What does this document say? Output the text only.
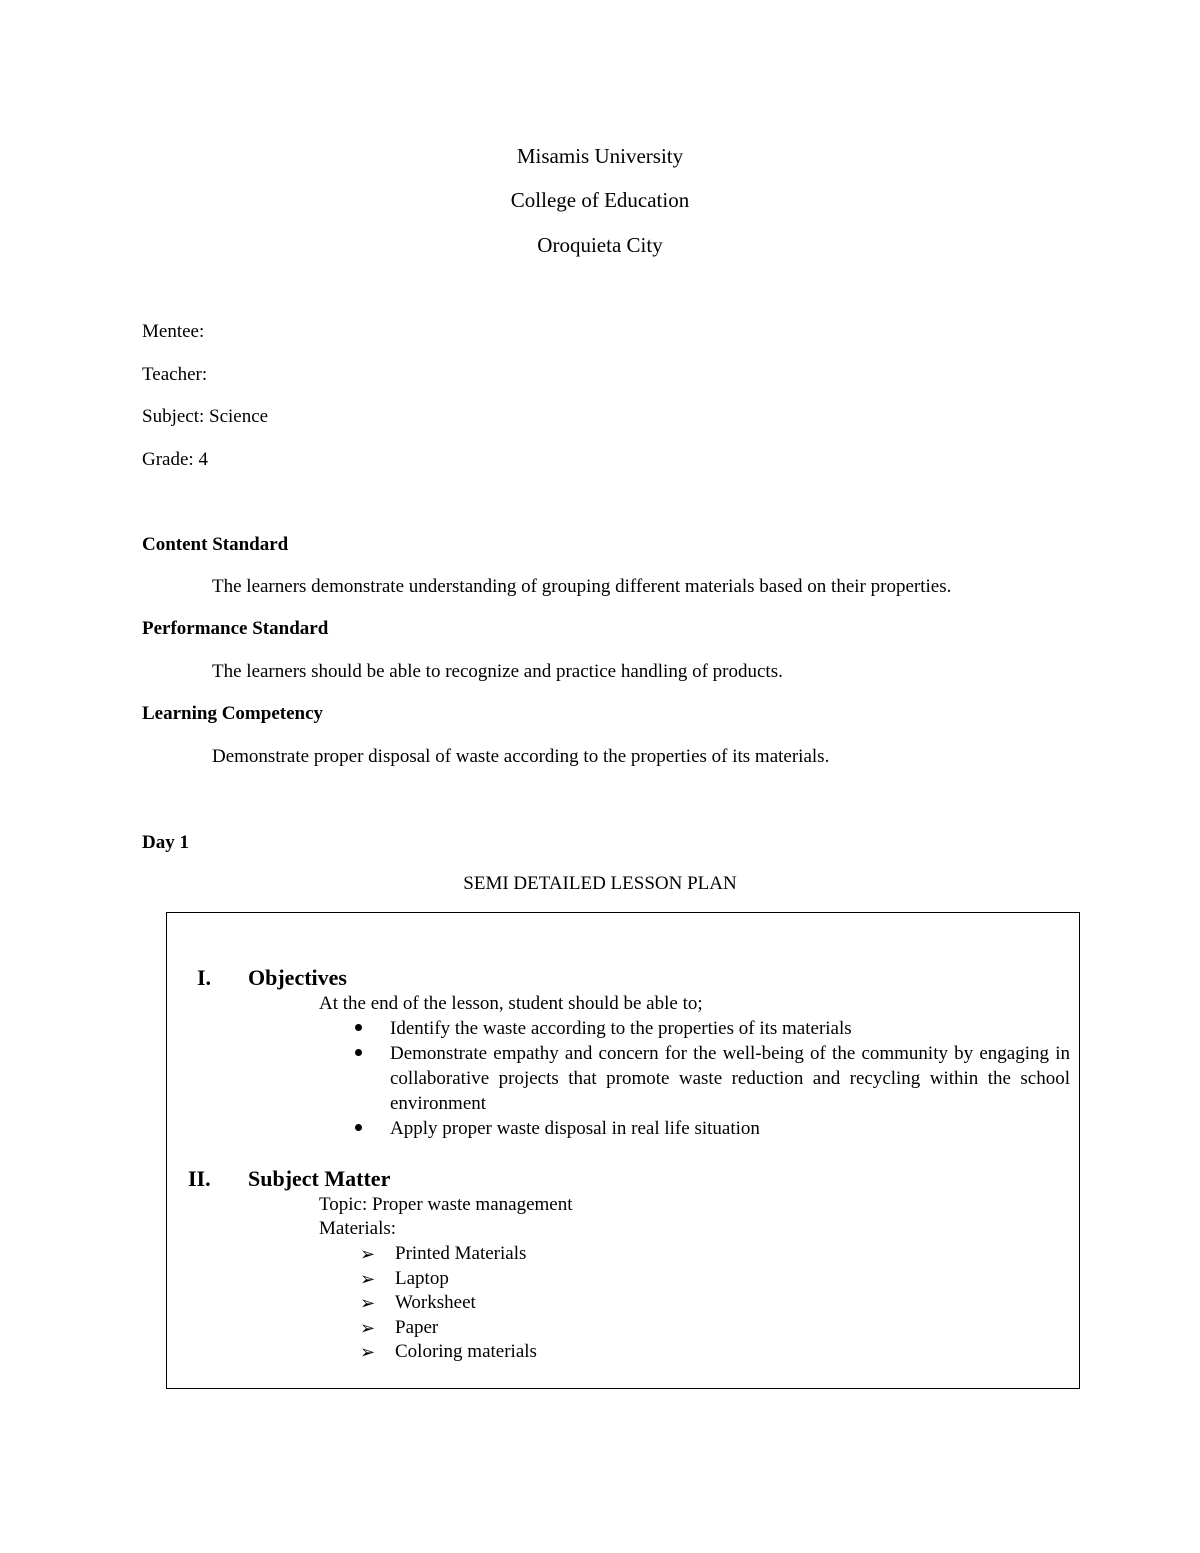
Misamis University
College of Education
Oroquieta City
Mentee:
Teacher:
Subject: Science
Grade: 4
Content Standard
The learners demonstrate understanding of grouping different materials based on their properties.
Performance Standard
The learners should be able to recognize and practice handling of products.
Learning Competency
Demonstrate proper disposal of waste according to the properties of its materials.
Day 1
SEMI DETAILED LESSON PLAN
I. Objectives
At the end of the lesson, student should be able to;
Identify the waste according to the properties of its materials
Demonstrate empathy and concern for the well-being of the community by engaging in collaborative projects that promote waste reduction and recycling within the school environment
Apply proper waste disposal in real life situation
II. Subject Matter
Topic: Proper waste management
Materials:
➢ Printed Materials
➢ Laptop
➢ Worksheet
➢ Paper
➢ Coloring materials
